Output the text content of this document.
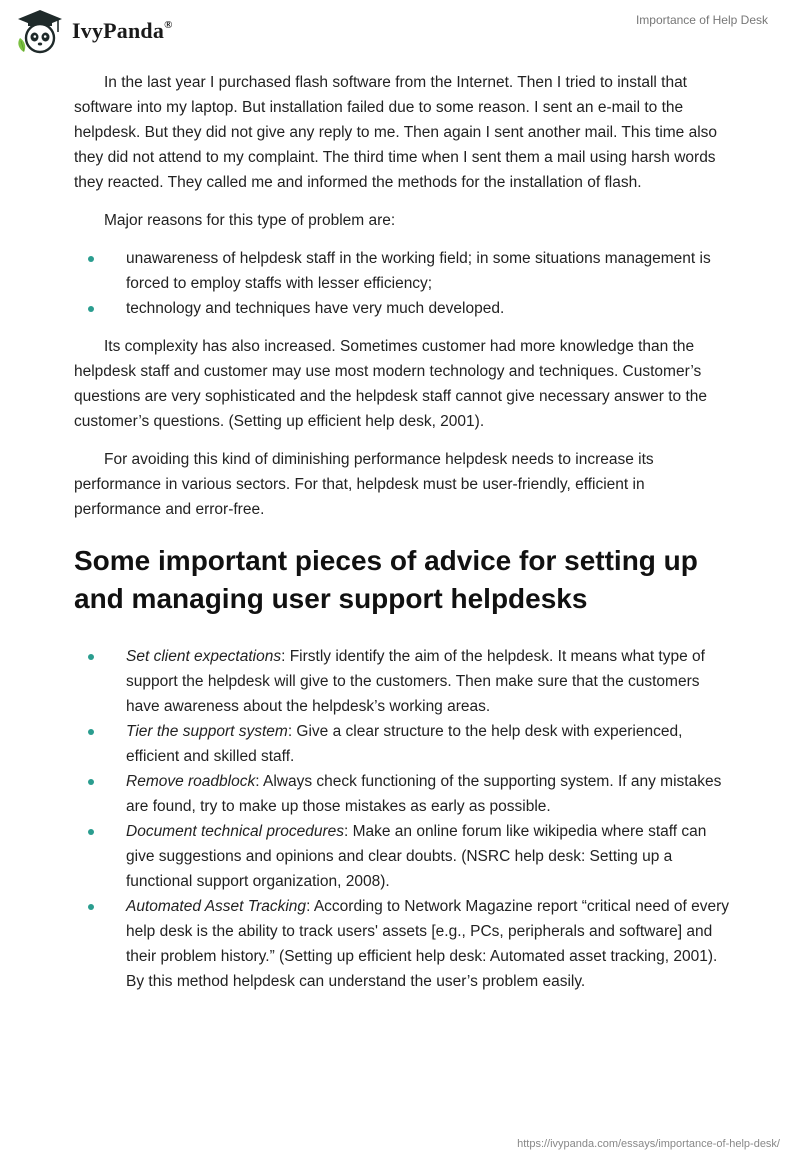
IvyPanda®	Importance of Help Desk

In the last year I purchased flash software from the Internet. Then I tried to install that software into my laptop. But installation failed due to some reason. I sent an e-mail to the helpdesk. But they did not give any reply to me. Then again I sent another mail. This time also they did not attend to my complaint. The third time when I sent them a mail using harsh words they reacted. They called me and informed the methods for the installation of flash.

Major reasons for this type of problem are:

unawareness of helpdesk staff in the working field; in some situations management is forced to employ staffs with lesser efficiency;
technology and techniques have very much developed.

Its complexity has also increased. Sometimes customer had more knowledge than the helpdesk staff and customer may use most modern technology and techniques. Customer’s questions are very sophisticated and the helpdesk staff cannot give necessary answer to the customer’s questions. (Setting up efficient help desk, 2001).

For avoiding this kind of diminishing performance helpdesk needs to increase its performance in various sectors. For that, helpdesk must be user-friendly, efficient in performance and error-free.

Some important pieces of advice for setting up and managing user support helpdesks
Set client expectations: Firstly identify the aim of the helpdesk. It means what type of support the helpdesk will give to the customers. Then make sure that the customers have awareness about the helpdesk’s working areas.
Tier the support system: Give a clear structure to the help desk with experienced, efficient and skilled staff.
Remove roadblock: Always check functioning of the supporting system. If any mistakes are found, try to make up those mistakes as early as possible.
Document technical procedures: Make an online forum like wikipedia where staff can give suggestions and opinions and clear doubts. (NSRC help desk: Setting up a functional support organization, 2008).
Automated Asset Tracking: According to Network Magazine report “critical need of every help desk is the ability to track users' assets [e.g., PCs, peripherals and software] and their problem history.” (Setting up efficient help desk: Automated asset tracking, 2001). By this method helpdesk can understand the user’s problem easily.
https://ivypanda.com/essays/importance-of-help-desk/
